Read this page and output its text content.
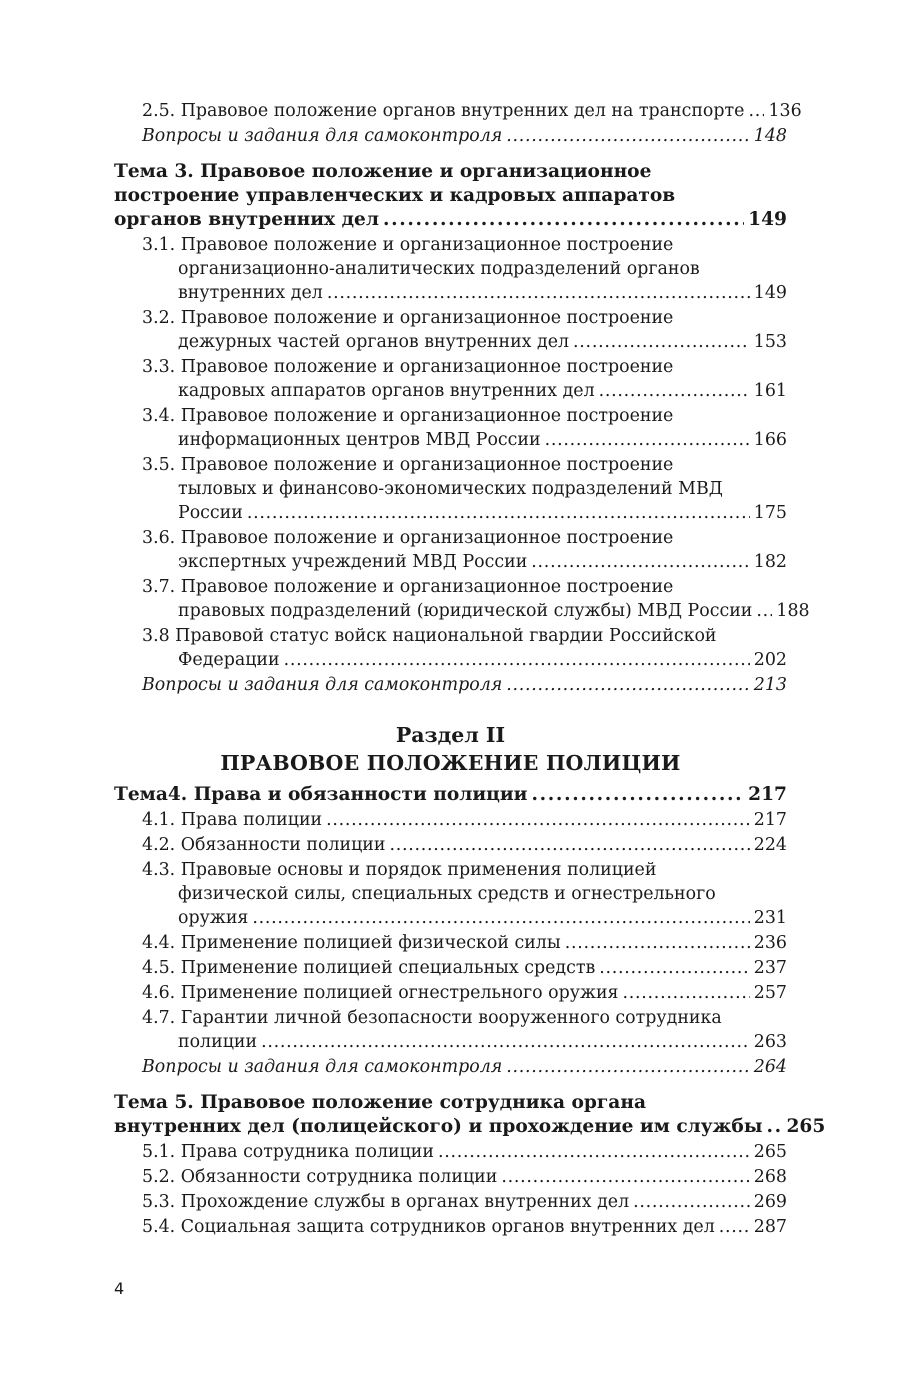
2.5. Правовое положение органов внутренних дел на транспорте . . . 136
Вопросы и задания для самоконтроля . . .	148
Тема 3. Правовое положение и организационное
построение управленческих и кадровых аппаратов
органов внутренних дел . . .	149
3.1. Правовое положение и организационное построение
организационно-аналитических подразделений органов
внутренних дел . . .	149
3.2. Правовое положение и организационное построение
дежурных частей органов внутренних дел . . .	153
3.3. Правовое положение и организационное построение
кадровых аппаратов органов внутренних дел . . .	161
3.4. Правовое положение и организационное построение
информационных центров МВД России . . .	166
3.5. Правовое положение и организационное построение
тыловых и финансово-экономических подразделений МВД
России . . .	175
3.6. Правовое положение и организационное построение
экспертных учреждений МВД России . . .	182
3.7. Правовое положение и организационное построение
правовых подразделений (юридической службы) МВД России . . . 188
3.8 Правовой статус войск национальной гвардии Российской
Федерации . . .	202
Вопросы и задания для самоконтроля . . .	213
Раздел II
ПРАВОВОЕ ПОЛОЖЕНИЕ ПОЛИЦИИ
Тема4. Права и обязанности полиции . . .	217
4.1. Права полиции . . .	217
4.2. Обязанности полиции . . .	224
4.3. Правовые основы и порядок применения полицией
физической силы, специальных средств и огнестрельного
оружия . . .	231
4.4. Применение полицией физической силы . . .	236
4.5. Применение полицией специальных средств . . .	237
4.6. Применение полицией огнестрельного оружия . . .	257
4.7. Гарантии личной безопасности вооруженного сотрудника
полиции . . .	263
Вопросы и задания для самоконтроля . . .	264
Тема 5. Правовое положение сотрудника органа
внутренних дел (полицейского) и прохождение им службы . . . 265
5.1. Права сотрудника полиции . . .	265
5.2. Обязанности сотрудника полиции . . .	268
5.3. Прохождение службы в органах внутренних дел . . .	269
5.4. Социальная защита сотрудников органов внутренних дел . . . 287
4
